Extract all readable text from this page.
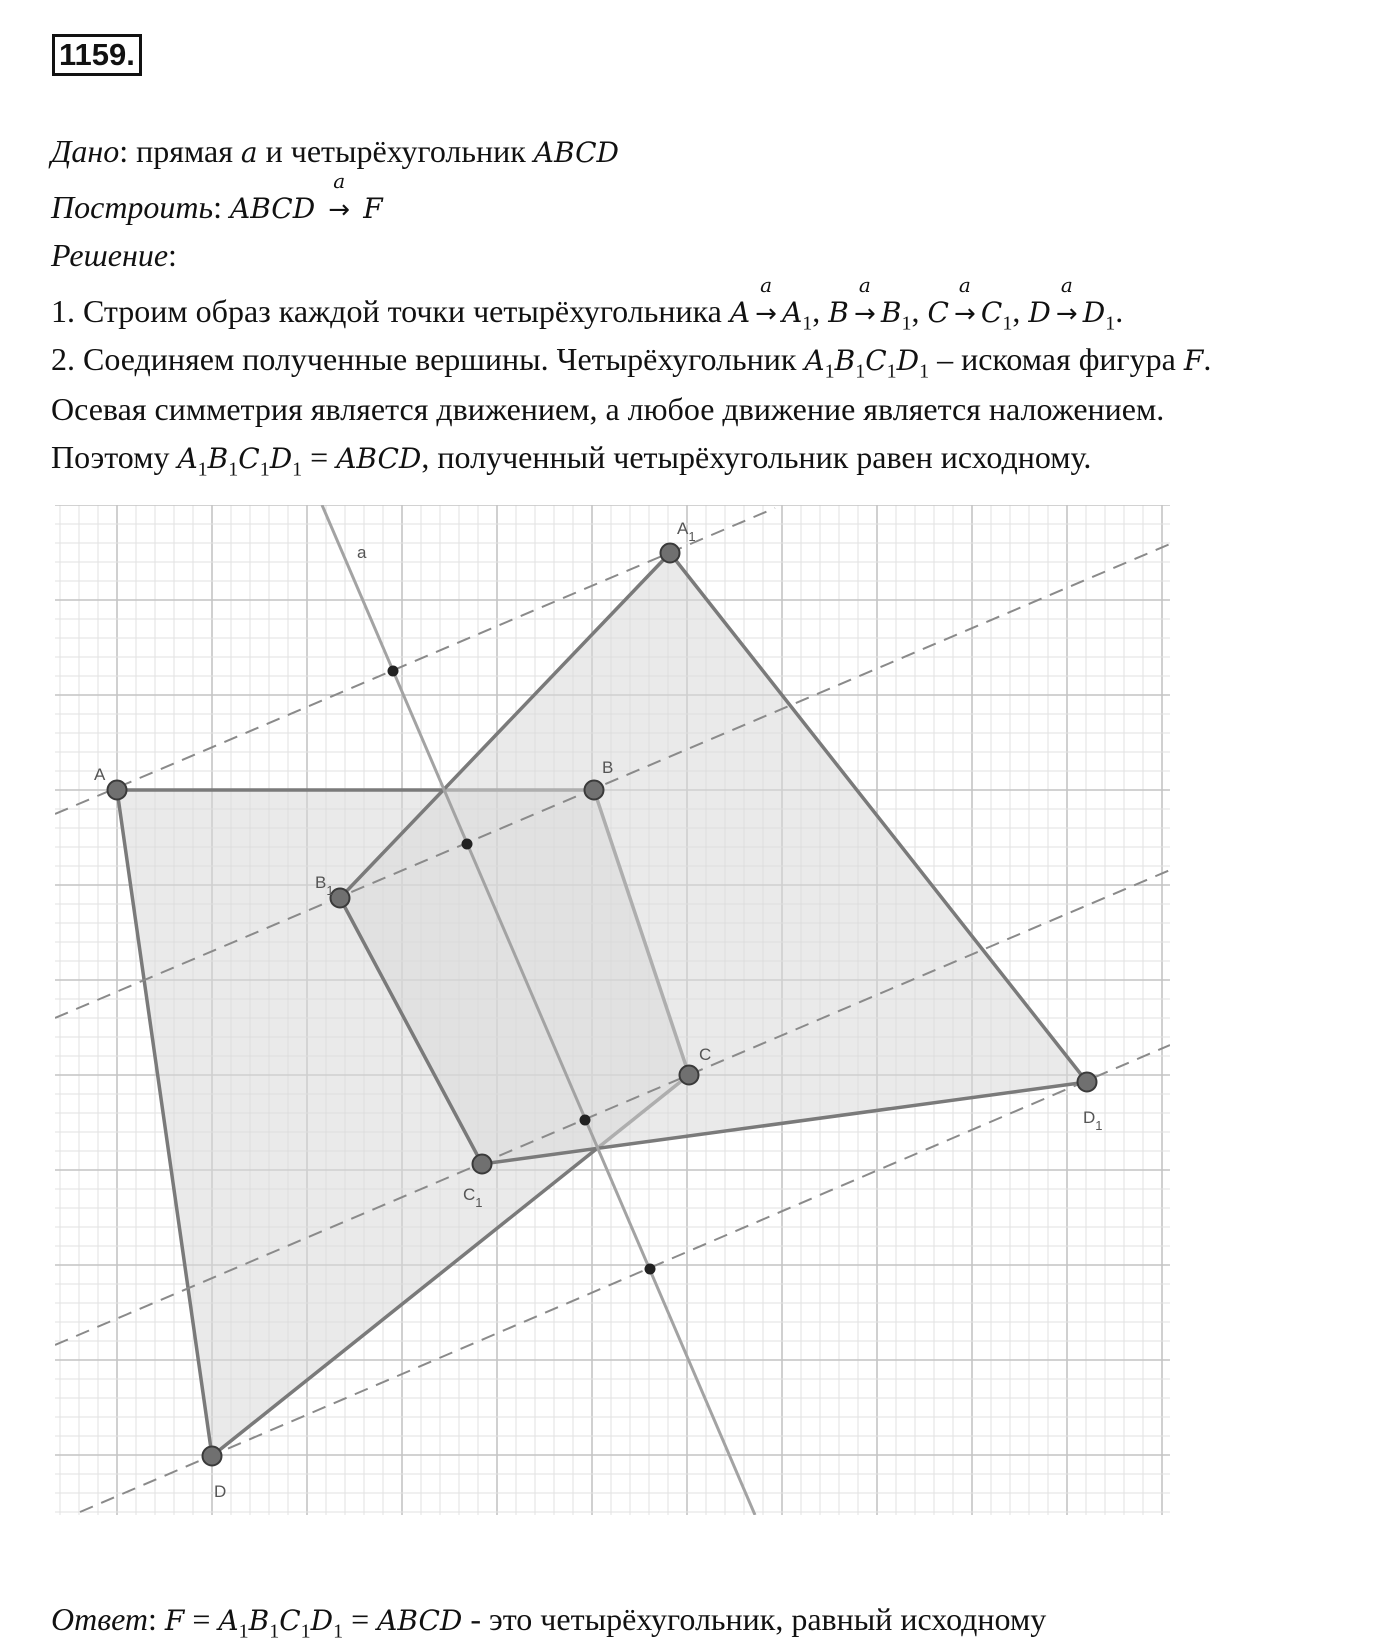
1159.
Дано: прямая a и четырёхугольник ABCD
Построить: ABCD
a
→ F
Решение:
1. Строим образ каждой точки четырёхугольника A
a
→ $A_1$, B
a
→ $B_1$, C
a
→ $C_1$, D
a
→ $D_1$.
2. Соединяем полученные вершины. Четырёхугольник $A_1B_1C_1D_1$ – искомая фигура F.
Осевая симметрия является движением, а любое движение является наложением.
Поэтому $A_1B_1C_1D_1$ = ABCD, полученный четырёхугольник равен исходному.
Ответ: $F = A_1B_1C_1D_1$ = ABCD - это четырёхугольник, равный исходному
a
A	B
C
D
$A_1$
$B_1$
$C_1$
$D_1$
